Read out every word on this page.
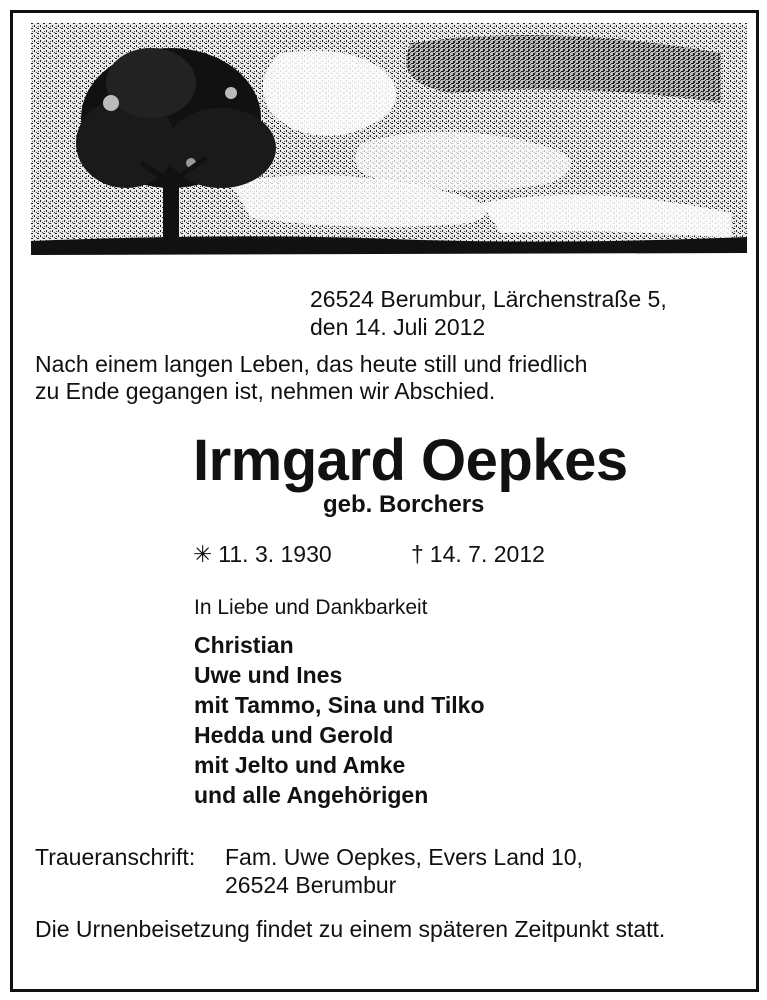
26524 Berumbur, Lärchenstraße 5,
den 14. Juli 2012
Nach einem langen Leben, das heute still und friedlich
zu Ende gegangen ist, nehmen wir Abschied.
Irmgard Oepkes
geb. Borchers
✳ 11. 3. 1930	† 14. 7. 2012
In Liebe und Dankbarkeit
Christian
Uwe und Ines
mit Tammo, Sina und Tilko
Hedda und Gerold
mit Jelto und Amke
und alle Angehörigen
Traueranschrift: Fam. Uwe Oepkes, Evers Land 10,
26524 Berumbur
Die Urnenbeisetzung findet zu einem späteren Zeitpunkt statt.
